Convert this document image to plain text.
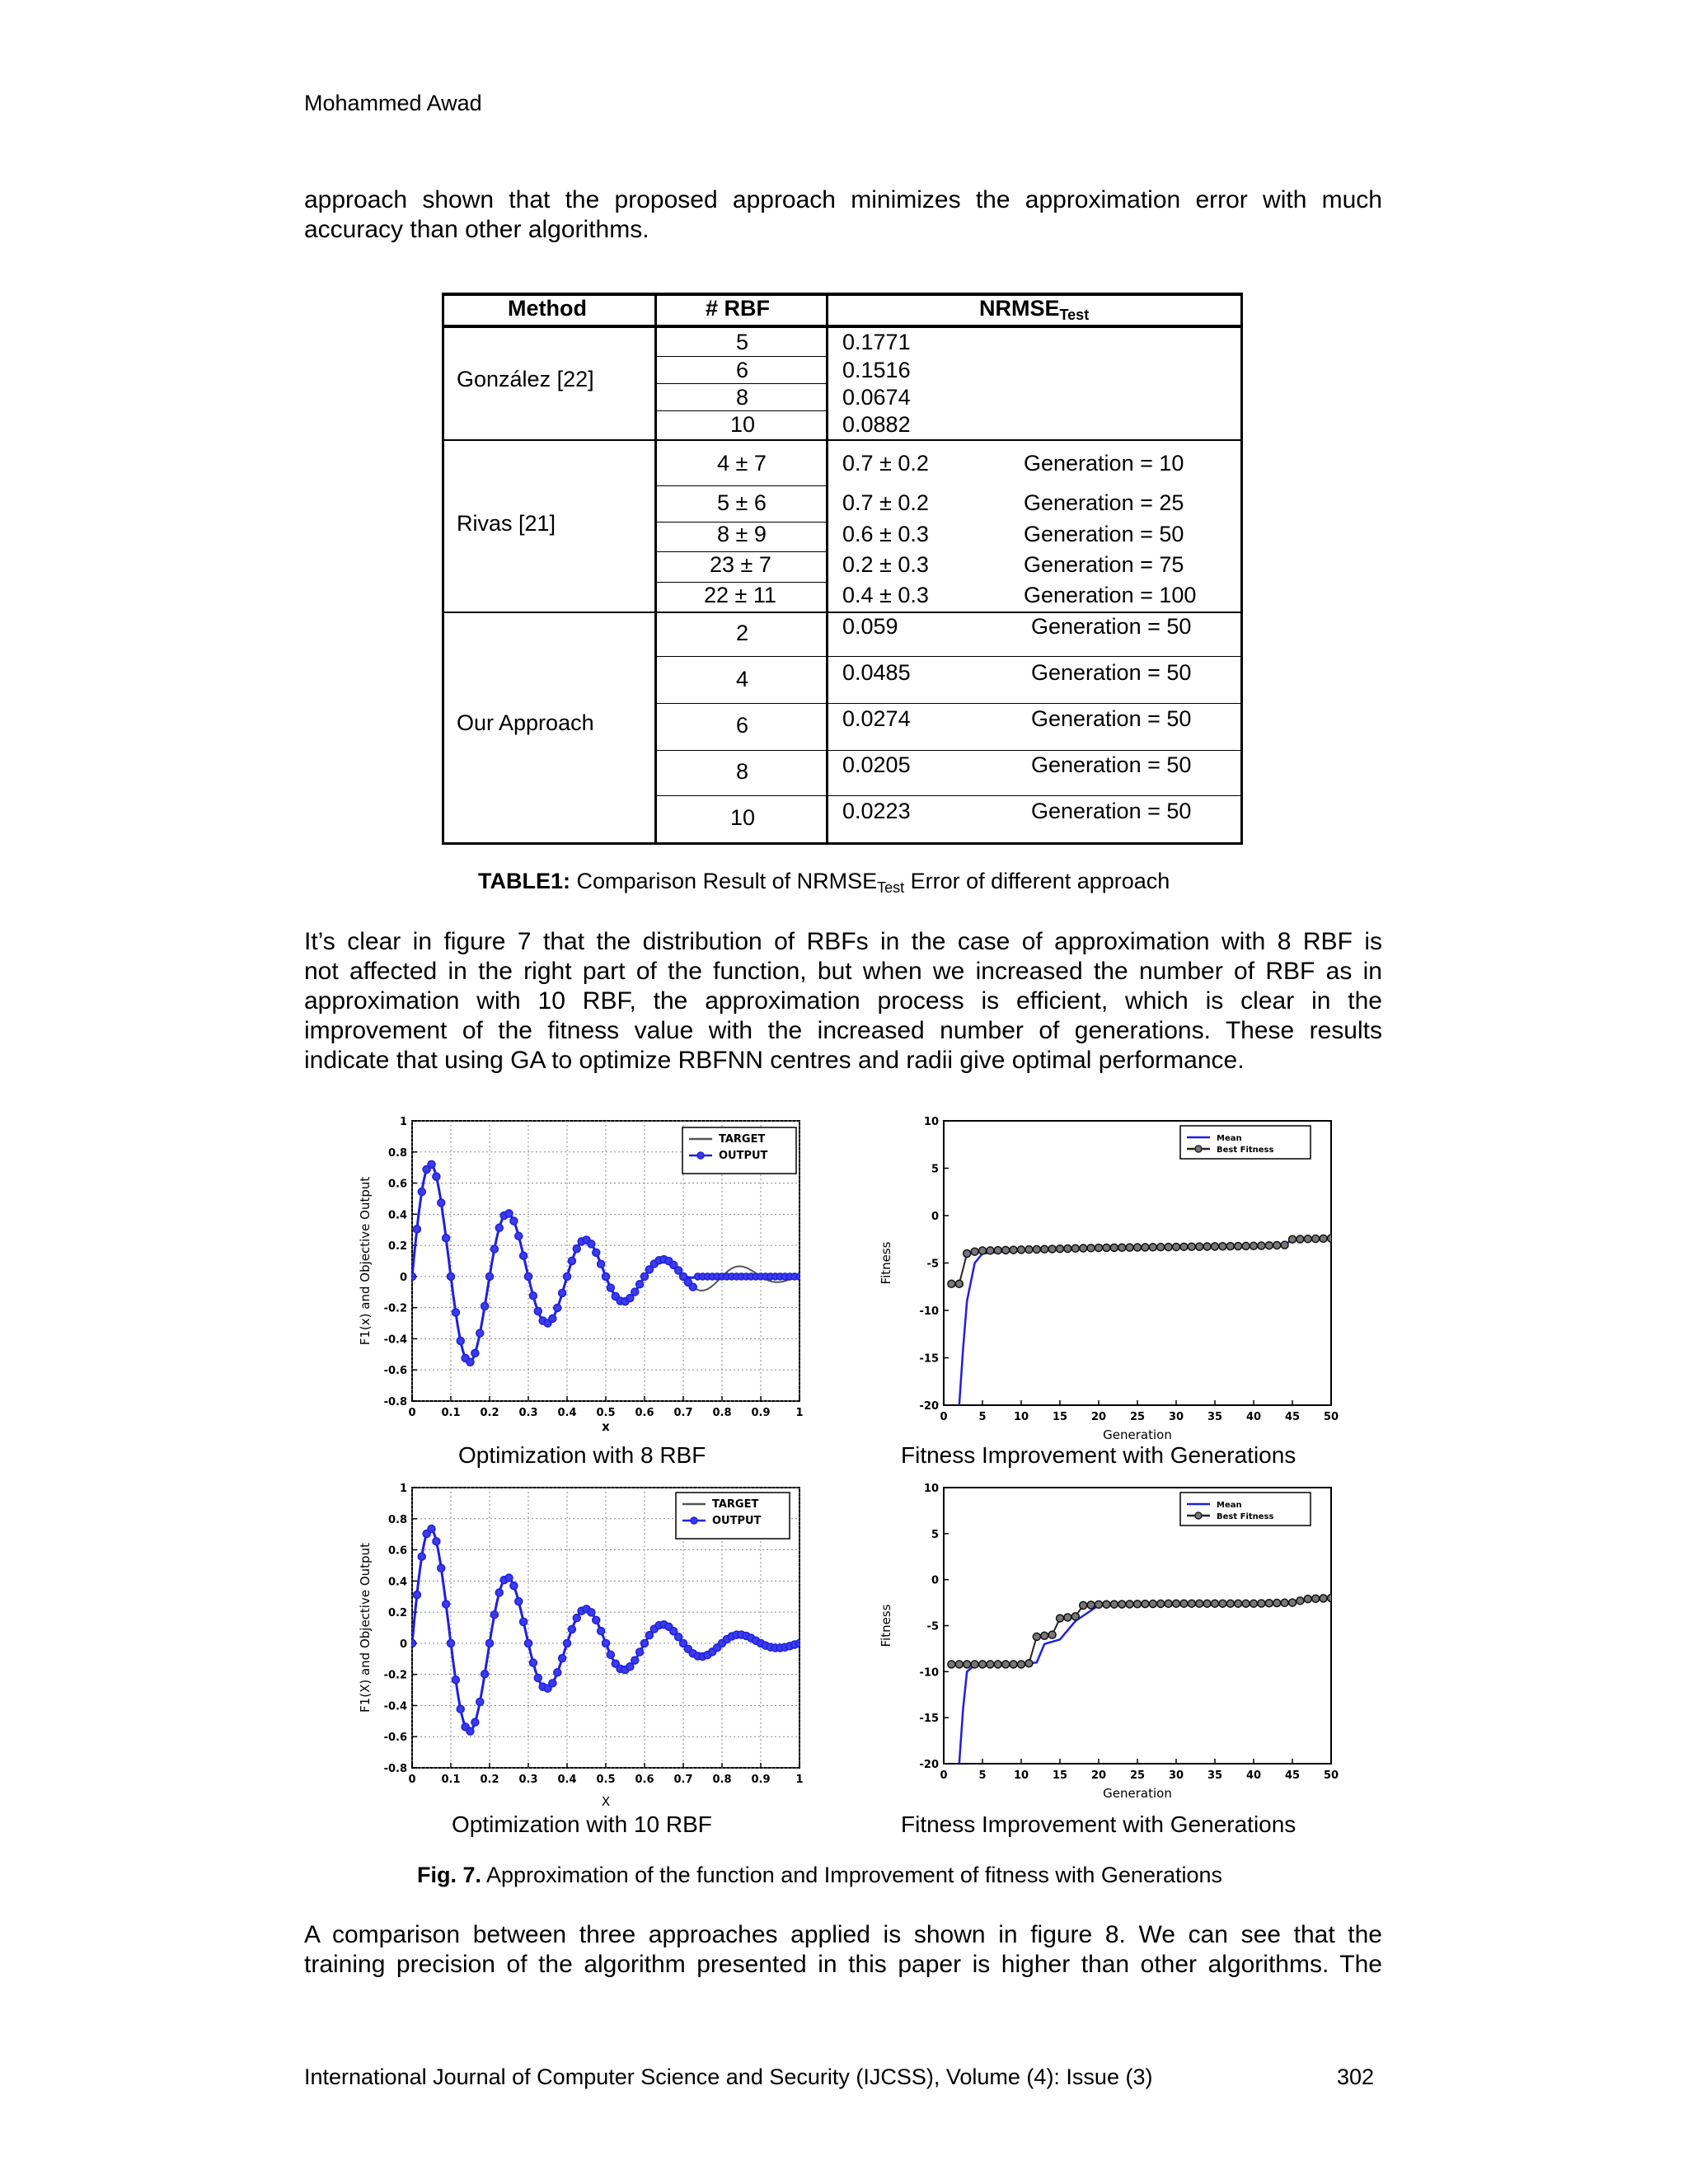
Mohammed Awad
approach shown that the proposed approach minimizes the approximation error with much
accuracy than other algorithms.
Method	# RBF	$NRMSE_{Test}$
González [22]
5	0.1771
6	0.1516
8	0.0674
10	0.0882
Rivas [21]
4 ± 7	0.7 ± 0.2	Generation = 10
5 ± 6	0.7 ± 0.2	Generation = 25
8 ± 9	0.6 ± 0.3	Generation = 50
23 ± 7	0.2 ± 0.3	Generation = 75
22 ± 11	0.4 ± 0.3	Generation = 100
Our Approach
2	0.059	Generation = 50
4	0.0485	Generation = 50
6	0.0274	Generation = 50
8	0.0205	Generation = 50
10	0.0223	Generation = 50
TABLE1: Comparison Result of $NRMSE_{Test}$ Error of different approach
It’s clear in figure 7 that the distribution of RBFs in the case of approximation with 8 RBF is
not affected in the right part of the function, but when we increased the number of RBF as in
approximation with 10 RBF, the approximation process is efficient, which is clear in the
improvement of the fitness value with the increased number of generations. These results
indicate that using GA to optimize RBFNN centres and radii give optimal performance.
0 0.1 0.2 0.3 0.4 0.5 0.6 0.7 0.8 0.9 1
1
0.8
0.6
0.4
0.2
0
-0.2
-0.4
-0.6
-0.8
x
F1(x) and Objective Output
TARGET
OUTPUT
0	5	10 15 20 25 30 35 40 45 50
10
5
0
-5
-10
-15
-20
Generation
Fitness
Mean
Best Fitness
0 0.1 0.2 0.3 0.4 0.5 0.6 0.7 0.8 0.9 1
1
0.8
0.6
0.4
0.2
0
-0.2
-0.4
-0.6
-0.8
X
F1(X) and Objective Output
TARGET
OUTPUT
0	5	10 15 20 25 30 35 40 45 50
10
5
0
-5
-10
-15
-20
Generation
Fitness
Mean
Best Fitness
Optimization with 8 RBF	Fitness Improvement with Generations
Optimization with 10 RBF	Fitness Improvement with Generations
Fig. 7. Approximation of the function and Improvement of fitness with Generations
A comparison between three approaches applied is shown in figure 8. We can see that the
training precision of the algorithm presented in this paper is higher than other algorithms. The
International Journal of Computer Science and Security (IJCSS), Volume (4): Issue (3)	302
